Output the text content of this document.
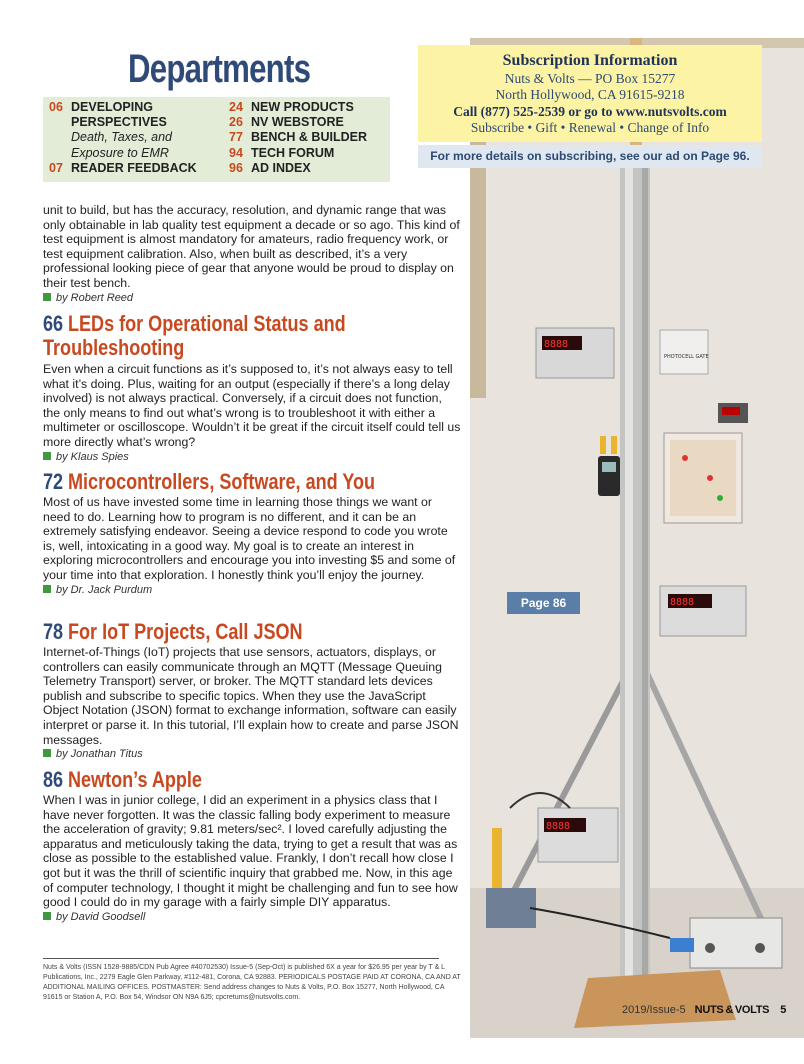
8888
PHOTOCELL GATE
8888
8888
Page 86
Departments
06 DEVELOPING
PERSPECTIVES
Death, Taxes, and
Exposure to EMR
07 READER FEEDBACK
24 NEW PRODUCTS
26 NV WEBSTORE
77 BENCH & BUILDER
94 TECH FORUM
96 AD INDEX
Subscription Information
Nuts & Volts — PO Box 15277
North Hollywood, CA 91615-9218
Call (877) 525-2539 or go to www.nutsvolts.com
Subscribe • Gift • Renewal • Change of Info
For more details on subscribing, see our ad on Page 96.

unit to build, but has the accuracy, resolution, and dynamic range that was only obtainable in lab quality test equipment a decade or so ago. This kind of test equipment is almost mandatory for amateurs, radio frequency work, or test equipment calibration. Also, when built as described, it’s a very professional looking piece of gear that anyone would be proud to display on their test bench.

by Robert Reed

66 LEDs for Operational Status and
Troubleshooting

Even when a circuit functions as it’s supposed to, it’s not always easy to tell what it’s doing. Plus, waiting for an output (especially if there’s a long delay involved) is not always practical. Conversely, if a circuit does not function, the only means to find out what’s wrong is to troubleshoot it with either a multimeter or oscilloscope. Wouldn’t it be great if the circuit itself could tell us more directly what’s wrong?

by Klaus Spies

72 Microcontrollers, Software, and You

Most of us have invested some time in learning those things we want or need to do. Learning how to program is no different, and it can be an extremely satisfying endeavor. Seeing a device respond to code you wrote is, well, intoxicating in a good way. My goal is to create an interest in exploring microcontrollers and encourage you into investing $5 and some of your time into that exploration. I honestly think you’ll enjoy the journey.

by Dr. Jack Purdum

78 For IoT Projects, Call JSON

Internet-of-Things (IoT) projects that use sensors, actuators, displays, or controllers can easily communicate through an MQTT (Message Queuing Telemetry Transport) server, or broker. The MQTT standard lets devices publish and subscribe to specific topics. When they use the JavaScript Object Notation (JSON) format to exchange information, software can easily interpret or parse it. In this tutorial, I’ll explain how to create and parse JSON messages.

by Jonathan Titus

86 Newton’s Apple

When I was in junior college, I did an experiment in a physics class that I have never forgotten. It was the classic falling body experiment to measure the acceleration of gravity; 9.81 meters/sec². I loved carefully adjusting the apparatus and meticulously taking the data, trying to get a result that was as close as possible to the established value. Frankly, I don’t recall how close I got but it was the thrill of scientific inquiry that grabbed me. Now, in this age of computer technology, I thought it might be challenging and fun to see how good I could do in my garage with a fairly simple DIY apparatus.

by David Goodsell

Nuts & Volts (ISSN 1528-9885/CDN Pub Agree #40702530) Issue-5 (Sep-Oct) is published 6X a year for $26.95 per year by T & L Publications, Inc., 2279 Eagle Glen Parkway, #112-481, Corona, CA 92883. PERIODICALS POSTAGE PAID AT CORONA, CA AND AT ADDITIONAL MAILING OFFICES. POSTMASTER: Send address changes to Nuts & Volts, P.O. Box 15277, North Hollywood, CA 91615 or Station A, P.O. Box 54, Windsor ON N9A 6J5; cpcreturns@nutsvolts.com.
2019/Issue-5 NUTS & VOLTS 5
